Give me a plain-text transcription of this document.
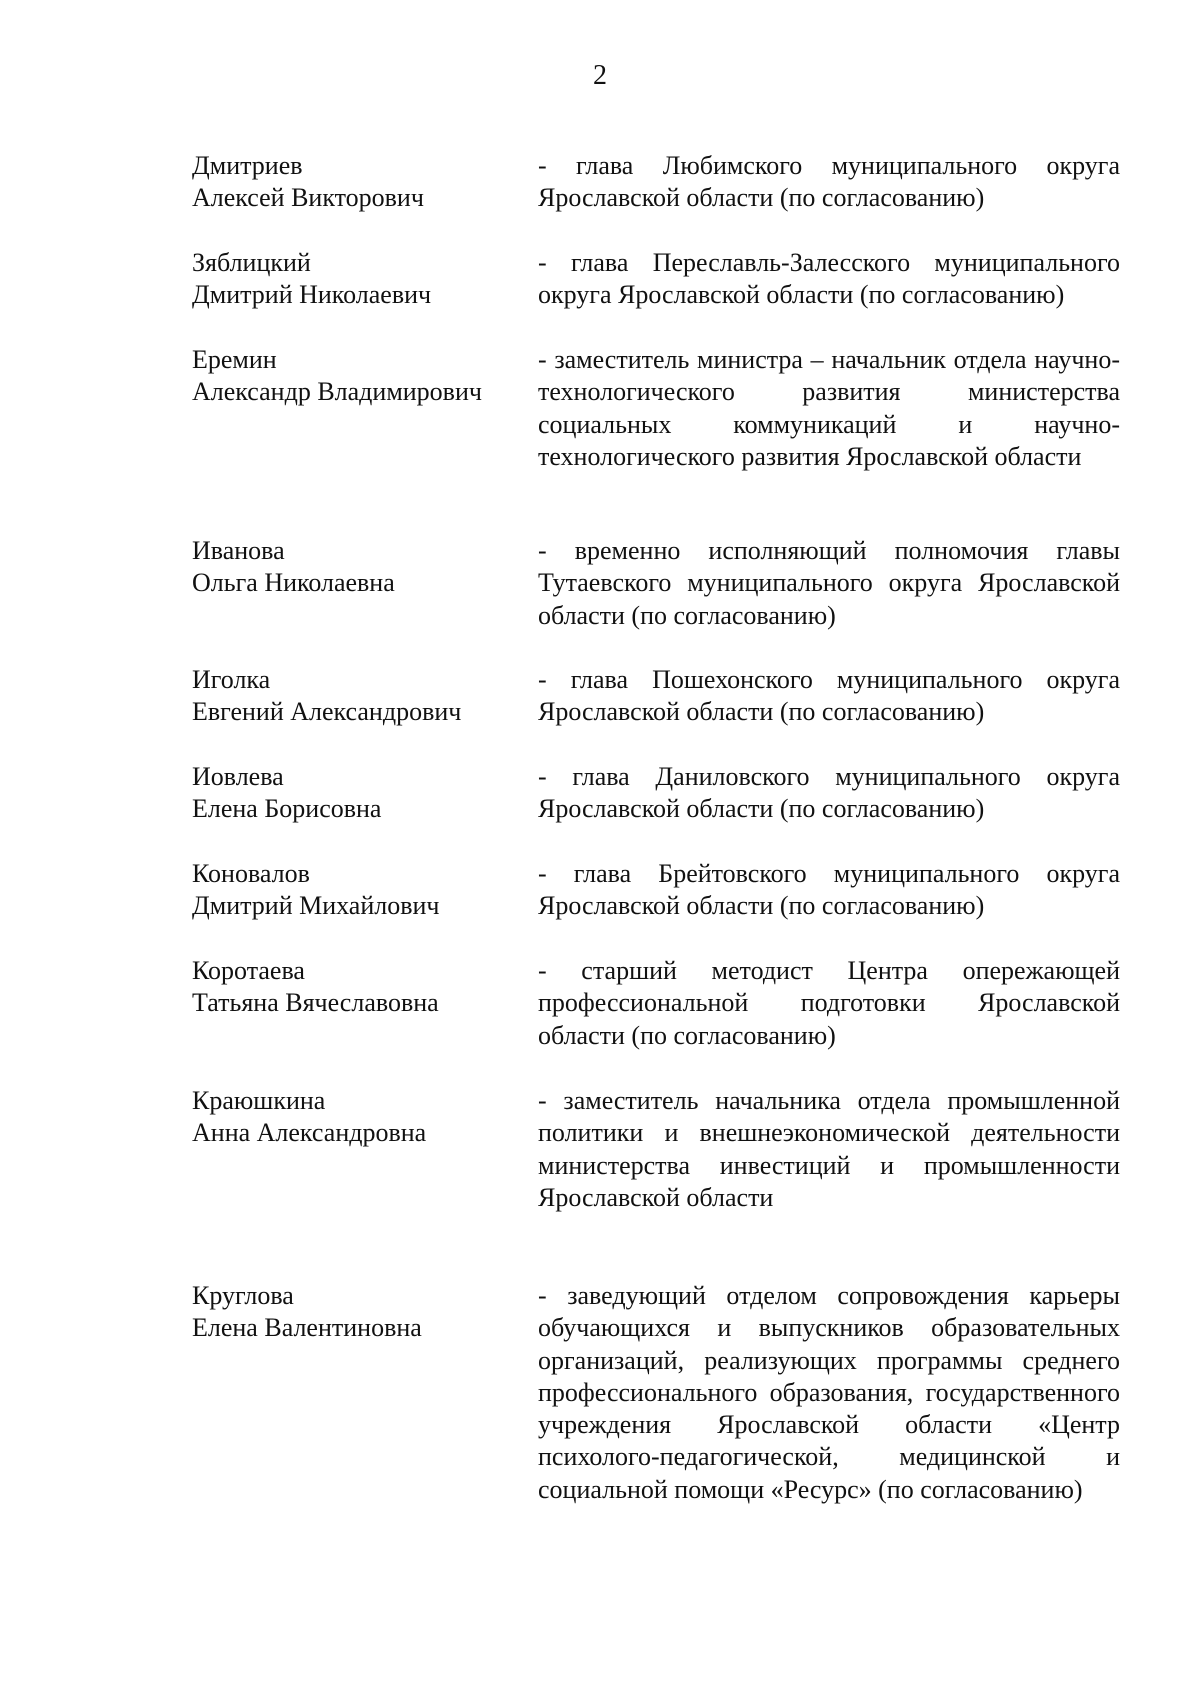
2
Дмитриев
Алексей Викторович
- глава Любимского муниципального округа Ярославской области (по согласованию)
Зяблицкий
Дмитрий Николаевич
- глава Переславль-Залесского муниципального округа Ярославской области (по согласованию)
Еремин
Александр Владимирович
- заместитель министра – начальник отдела научно-технологического развития министерства социальных коммуникаций и научно-технологического развития Ярославской области
Иванова
Ольга Николаевна
- временно исполняющий полномочия главы Тутаевского муниципального округа Ярославской области (по согласованию)
Иголка
Евгений Александрович
- глава Пошехонского муниципального округа Ярославской области (по согласованию)
Иовлева
Елена Борисовна
- глава Даниловского муниципального округа Ярославской области (по согласованию)
Коновалов
Дмитрий Михайлович
- глава Брейтовского муниципального округа Ярославской области (по согласованию)
Коротаева
Татьяна Вячеславовна
- старший методист Центра опережающей профессиональной подготовки Ярославской области (по согласованию)
Краюшкина
Анна Александровна
- заместитель начальника отдела промышленной политики и внешнеэкономической деятельности министерства инвестиций и промышленности Ярославской области
Круглова
Елена Валентиновна
- заведующий отделом сопровождения карьеры обучающихся и выпускников образовательных организаций, реализующих программы среднего профессионального образования, государственного учреждения Ярославской области «Центр психолого-педагогической, медицинской и социальной помощи «Ресурс» (по согласованию)
